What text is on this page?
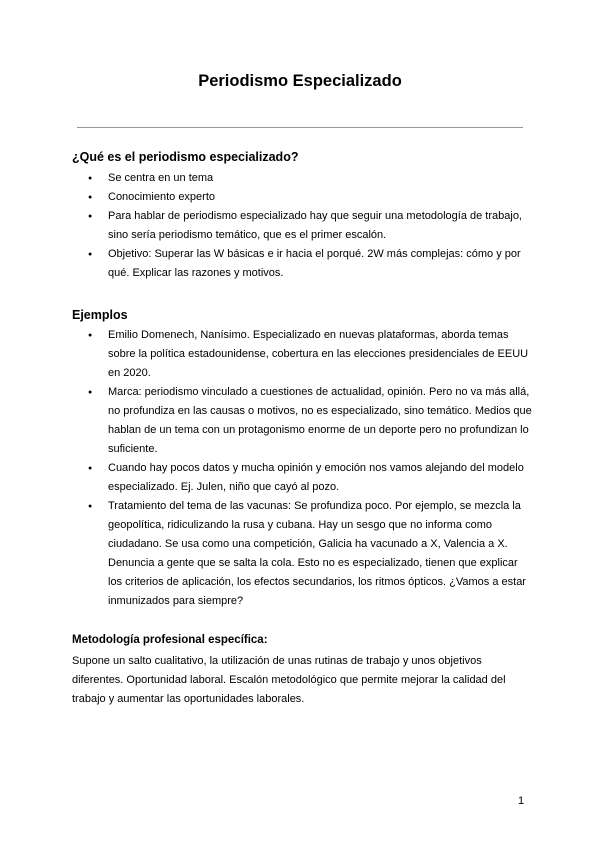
Periodismo Especializado
¿Qué es el periodismo especializado?
● Se centra en un tema
● Conocimiento experto
● Para hablar de periodismo especializado hay que seguir una metodología de trabajo, sino sería periodismo temático, que es el primer escalón.
● Objetivo: Superar las W básicas e ir hacia el porqué. 2W más complejas: cómo y por qué. Explicar las razones y motivos.
Ejemplos
● Emilio Domenech, Nanísimo. Especializado en nuevas plataformas, aborda temas sobre la política estadounidense, cobertura en las elecciones presidenciales de EEUU en 2020.
● Marca: periodismo vinculado a cuestiones de actualidad, opinión. Pero no va más allá, no profundiza en las causas o motivos, no es especializado, sino temático. Medios que hablan de un tema con un protagonismo enorme de un deporte pero no profundizan lo suficiente.
● Cuando hay pocos datos y mucha opinión y emoción nos vamos alejando del modelo especializado. Ej. Julen, niño que cayó al pozo.
● Tratamiento del tema de las vacunas: Se profundiza poco. Por ejemplo, se mezcla la geopolítica, ridiculizando la rusa y cubana. Hay un sesgo que no informa como ciudadano. Se usa como una competición, Galicia ha vacunado a X, Valencia a X. Denuncia a gente que se salta la cola. Esto no es especializado, tienen que explicar los criterios de aplicación, los efectos secundarios, los ritmos ópticos. ¿Vamos a estar inmunizados para siempre?
Metodología profesional específica:

Supone un salto cualitativo, la utilización de unas rutinas de trabajo y unos objetivos diferentes. Oportunidad laboral. Escalón metodológico que permite mejorar la calidad del trabajo y aumentar las oportunidades laborales.

1
